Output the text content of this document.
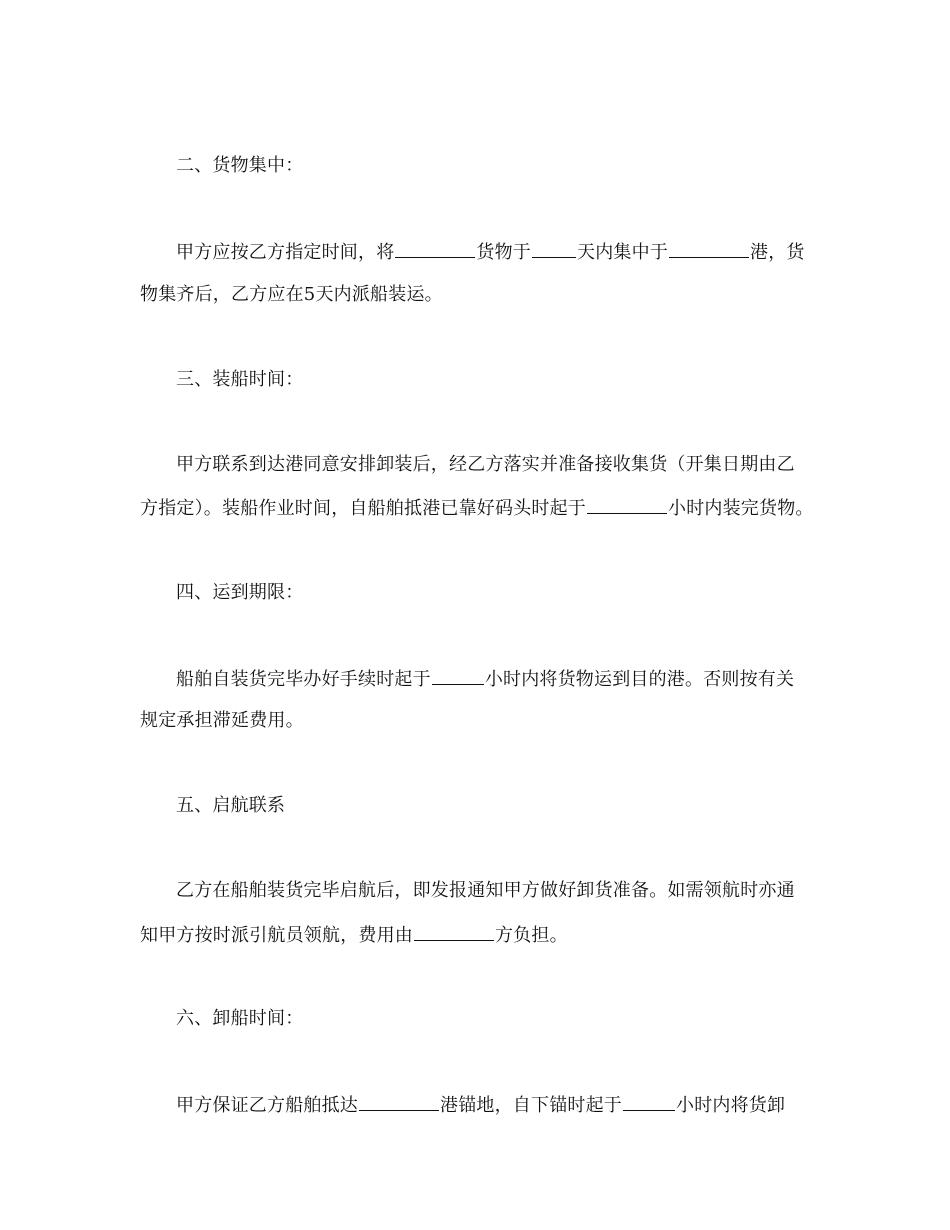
二、货物集中：
甲方应按乙方指定时间，将	货物于	天内集中于	港，货
物集齐后，乙方应在5天内派船装运。
三、装船时间：
甲方联系到达港同意安排卸装后，经乙方落实并准备接收集货（开集日期由乙
方指定）。装船作业时间，自船舶抵港已靠好码头时起于	小时内装完货物。
四、运到期限：
船舶自装货完毕办好手续时起于	小时内将货物运到目的港。否则按有关
规定承担滞延费用。
五、启航联系
乙方在船舶装货完毕启航后，即发报通知甲方做好卸货准备。如需领航时亦通
知甲方按时派引航员领航，费用由	方负担。
六、卸船时间：
甲方保证乙方船舶抵达	港锚地，自下锚时起于	小时内将货卸
